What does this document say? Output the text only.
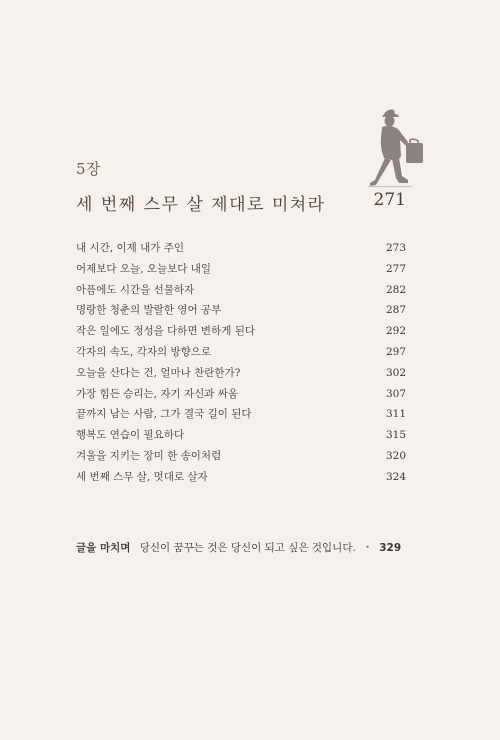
5장
세 번째 스무 살 제대로 미쳐라	271
내 시간, 이제 내가 주인	273
어제보다 오늘, 오늘보다 내일	277
아픔에도 시간을 선물하자	282
명랑한 청춘의 발랄한 영어 공부	287
작은 일에도 정성을 다하면 변하게 된다	292
각자의 속도, 각자의 방향으로	297
오늘을 산다는 건, 얼마나 찬란한가?	302
가장 힘든 승리는, 자기 자신과 싸움	307
끝까지 남는 사람, 그가 결국 길이 된다	311
행복도 연습이 필요하다	315
겨울을 지키는 장미 한 송이처럼	320
세 번째 스무 살, 멋대로 살자	324
글을 마치며 당신이 꿈꾸는 것은 당신이 되고 싶은 것입니다. • 329
